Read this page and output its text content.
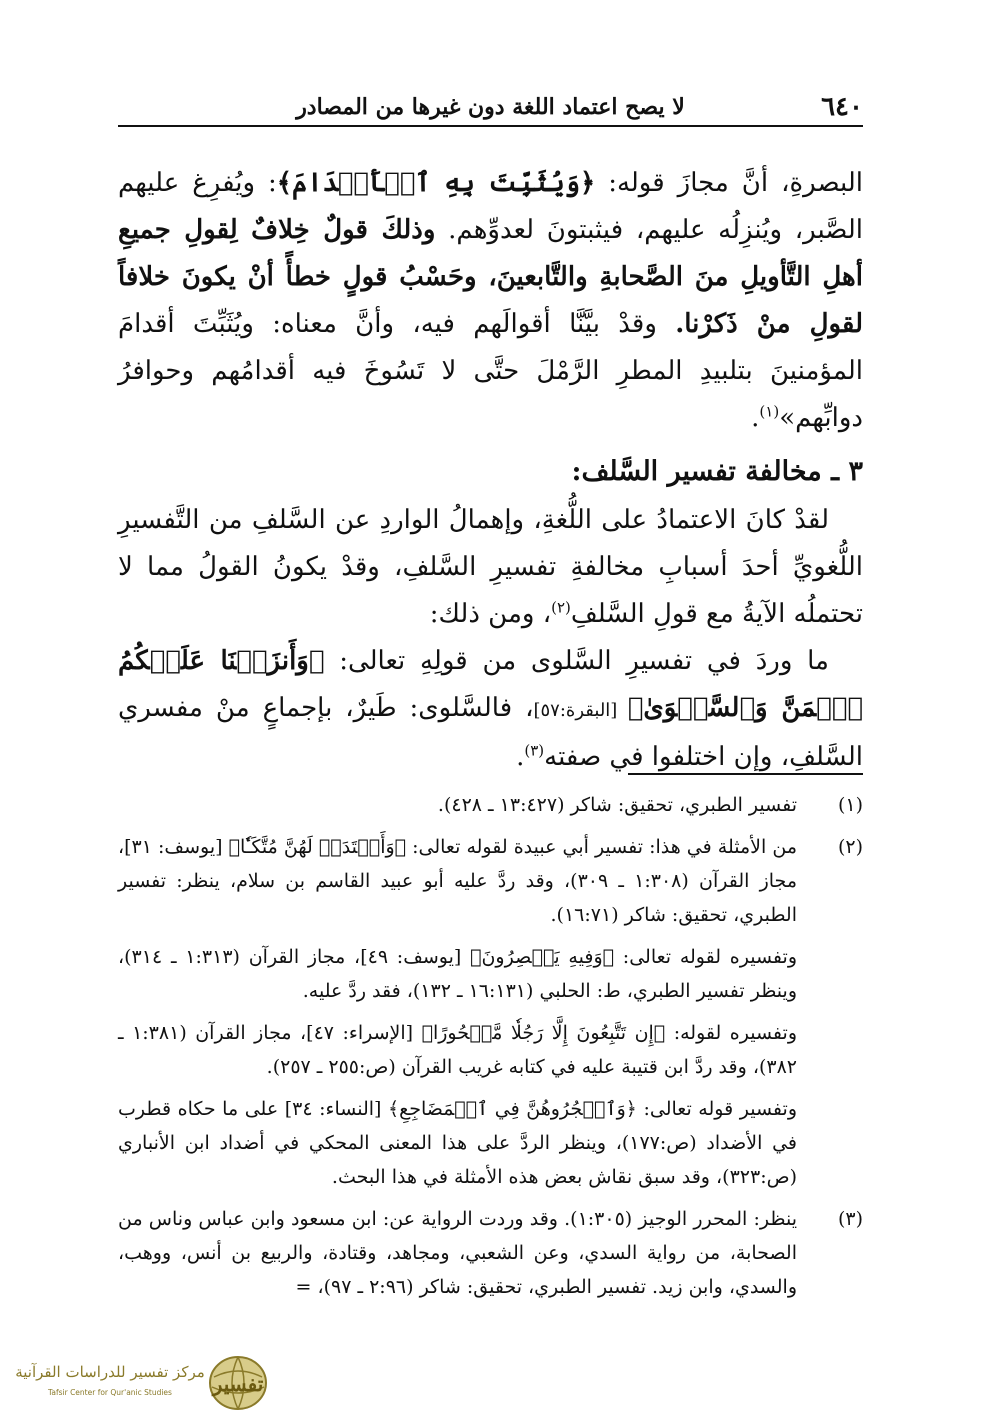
٦٤٠
لا يصح اعتماد اللغة دون غيرها من المصادر

البصرةِ، أنَّ مجازَ قوله: ﴿وَيُثَبِّتَ بِهِ ٱلۡأَقۡدَامَ﴾: ويُفرِغ عليهم الصَّبر، ويُنزِلُه عليهم، فيثبتونَ لعدوِّهم. وذلكَ قولٌ خِلافٌ لِقولِ جميعِ أهلِ التَّأويلِ منَ الصَّحابةِ والتَّابعينَ، وحَسْبُ قولٍ خطأً أنْ يكونَ خلافاً لقولِ منْ ذَكرْنا. وقدْ بيَّنَّا أقوالَهم فيه، وأنَّ معناه: ويُثَبِّتَ أقدامَ المؤمنينَ بتلبيدِ المطرِ الرَّمْلَ حتَّى لا تَسُوخَ فيه أقدامُهم وحوافرُ دوابِّهم»$^{(١)}$.

٣ ـ مخالفة تفسير السَّلف:

لقدْ كانَ الاعتمادُ على اللُّغةِ، وإهمالُ الواردِ عن السَّلفِ من التَّفسيرِ اللُّغويِّ أحدَ أسبابِ مخالفةِ تفسيرِ السَّلفِ، وقدْ يكونُ القولُ مما لا تحتملُه الآيةُ مع قولِ السَّلفِ$^{(٢)}$، ومن ذلك:

ما وردَ في تفسيرِ السَّلوى من قولِهِ تعالى: ﴿وَأَنزَلۡنَا عَلَيۡكُمُ ٱلۡمَنَّ وَٱلسَّلۡوَىٰ﴾ [البقرة:٥٧]، فالسَّلوى: طَيرٌ، بإجماعٍ منْ مفسري السَّلفِ، وإن اختلفوا في صفته$^{(٣)}$.

(١)
تفسير الطبري، تحقيق: شاكر (١٣:٤٢٧ ـ ٤٢٨).
(٢)
من الأمثلة في هذا: تفسير أبي عبيدة لقوله تعالى: ﴿وَأَعۡتَدَتۡ لَهُنَّ مُتَّكَـٔٗا﴾ [يوسف: ٣١]، مجاز القرآن (١:٣٠٨ ـ ٣٠٩)، وقد ردَّ عليه أبو عبيد القاسم بن سلام، ينظر: تفسير الطبري، تحقيق: شاكر (١٦:٧١).
وتفسيره لقوله تعالى: ﴿وَفِيهِ يَعۡصِرُونَ﴾ [يوسف: ٤٩]، مجاز القرآن (١:٣١٣ ـ ٣١٤)، وينظر تفسير الطبري، ط: الحلبي (١٦:١٣١ ـ ١٣٢)، فقد ردَّ عليه.
وتفسيره لقوله: ﴿إِن تَتَّبِعُونَ إِلَّا رَجُلٗا مَّسۡحُورًا﴾ [الإسراء: ٤٧]، مجاز القرآن (١:٣٨١ ـ ٣٨٢)، وقد ردَّ ابن قتيبة عليه في كتابه غريب القرآن (ص:٢٥٥ ـ ٢٥٧).
وتفسير قوله تعالى: ﴿وَٱهۡجُرُوهُنَّ فِي ٱلۡمَضَاجِعِ﴾ [النساء: ٣٤] على ما حكاه قطرب في الأضداد (ص:١٧٧)، وينظر الردَّ على هذا المعنى المحكي في أضداد ابن الأنباري (ص:٣٢٣)، وقد سبق نقاش بعض هذه الأمثلة في هذا البحث.
(٣)
ينظر: المحرر الوجيز (١:٣٠٥). وقد وردت الرواية عن: ابن مسعود وابن عباس وناس من الصحابة، من رواية السدي، وعن الشعبي، ومجاهد، وقتادة، والربيع بن أنس، ووهب، والسدي، وابن زيد. تفسير الطبري، تحقيق: شاكر (٢:٩٦ ـ ٩٧)، =
تفسير
مركز تفسير للدراسات القرآنية
Tafsir Center for Qur'anic Studies
